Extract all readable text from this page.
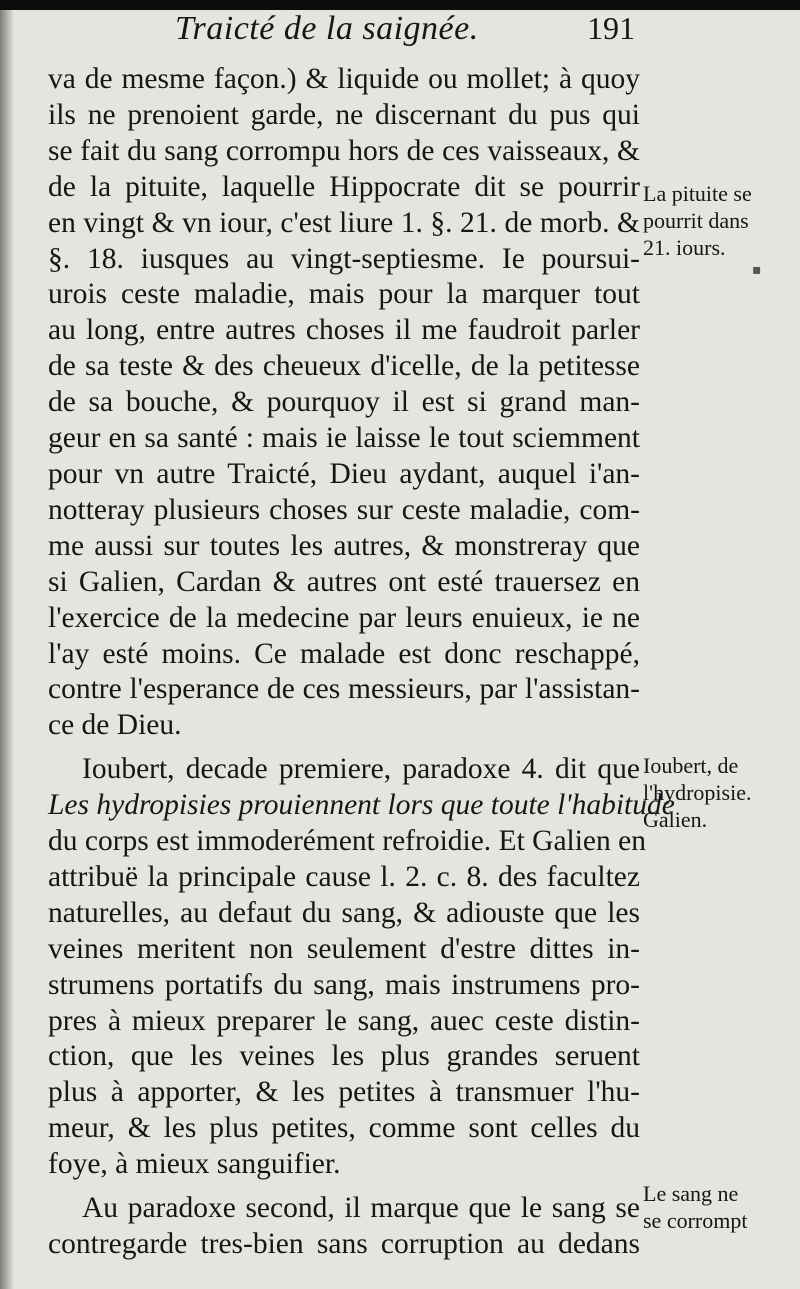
Traicté de la saignée.	191
va de mesme façon.) & liquide ou mollet; à quoy
ils ne prenoient garde, ne discernant du pus qui
se fait du sang corrompu hors de ces vaisseaux, &
de la pituite, laquelle Hippocrate dit se pourrir
en vingt & vn iour, c'est liure 1. §. 21. de morb. &
§. 18. iusques au vingt-septiesme. Ie poursui-
urois ceste maladie, mais pour la marquer tout
au long, entre autres choses il me faudroit parler
de sa teste & des cheueux d'icelle, de la petitesse
de sa bouche, & pourquoy il est si grand man-
geur en sa santé : mais ie laisse le tout sciemment
pour vn autre Traicté, Dieu aydant, auquel i'an-
notteray plusieurs choses sur ceste maladie, com-
me aussi sur toutes les autres, & monstreray que
si Galien, Cardan & autres ont esté trauersez en
l'exercice de la medecine par leurs enuieux, ie ne
l'ay esté moins. Ce malade est donc reschappé,
contre l'esperance de ces messieurs, par l'assistan-
ce de Dieu.
Ioubert, decade premiere, paradoxe 4. dit que
Les hydropisies prouiennent lors que toute l'habitude
du corps est immoderément refroidie. Et Galien en
attribuë la principale cause l. 2. c. 8. des facultez
naturelles, au defaut du sang, & adiouste que les
veines meritent non seulement d'estre dittes in-
strumens portatifs du sang, mais instrumens pro-
pres à mieux preparer le sang, auec ceste distin-
ction, que les veines les plus grandes seruent
plus à apporter, & les petites à transmuer l'hu-
meur, & les plus petites, comme sont celles du
foye, à mieux sanguifier.
Au paradoxe second, il marque que le sang se
contregarde tres-bien sans corruption au dedans
La pituite se
pourrit dans
21. iours.
Ioubert, de
l'hydropisie.
Galien.
Le sang ne
se corrompt
▪
